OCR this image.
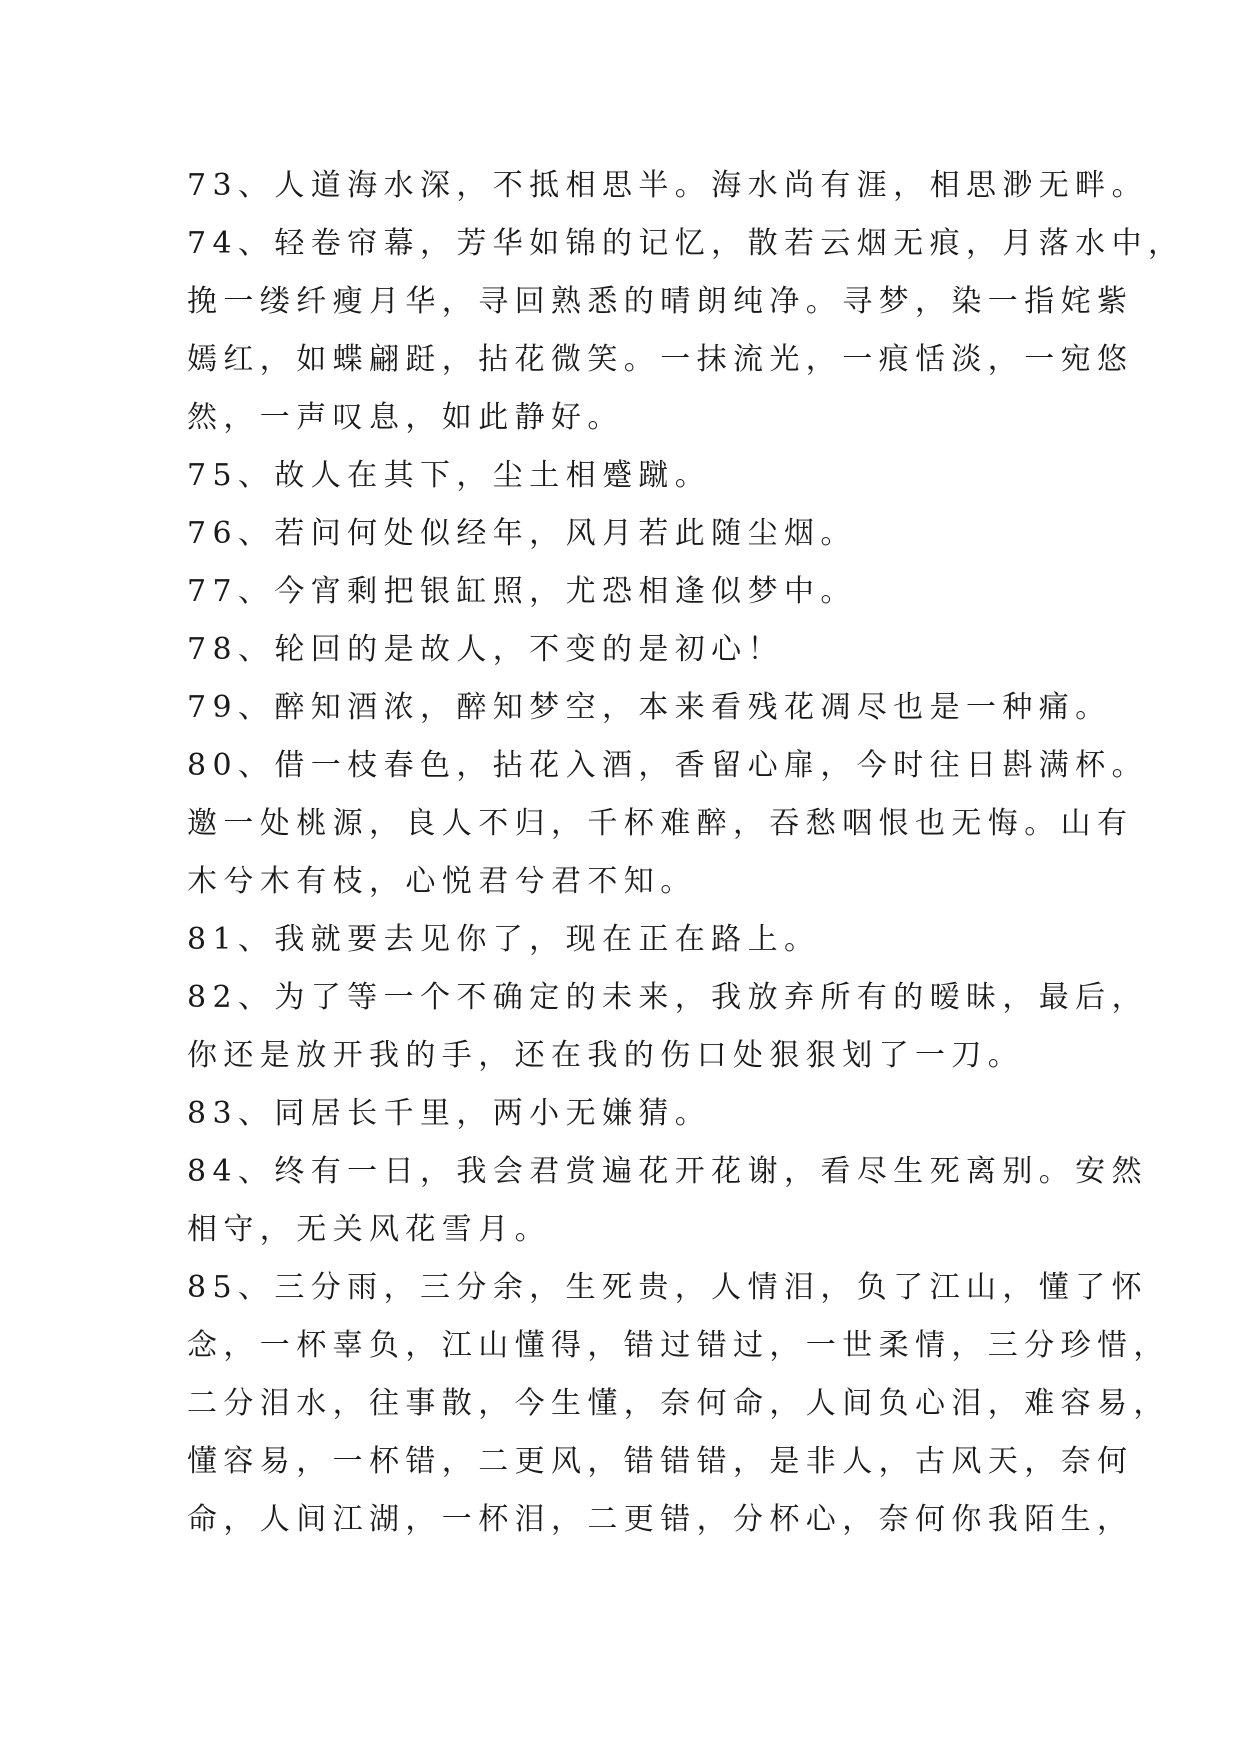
73、人道海水深，不抵相思半。海水尚有涯，相思渺无畔。
74、轻卷帘幕，芳华如锦的记忆，散若云烟无痕，月落水中，
挽一缕纤瘦月华，寻回熟悉的晴朗纯净。寻梦，染一指姹紫
嫣红，如蝶翩跹，拈花微笑。一抹流光，一痕恬淡，一宛悠
然，一声叹息，如此静好。
75、故人在其下，尘土相蹙蹴。
76、若问何处似经年，风月若此随尘烟。
77、今宵剩把银缸照，尤恐相逢似梦中。
78、轮回的是故人，不变的是初心！
79、醉知酒浓，醉知梦空，本来看残花凋尽也是一种痛。
80、借一枝春色，拈花入酒，香留心扉，今时往日斟满杯。
邀一处桃源，良人不归，千杯难醉，吞愁咽恨也无悔。山有
木兮木有枝，心悦君兮君不知。
81、我就要去见你了，现在正在路上。
82、为了等一个不确定的未来，我放弃所有的暧昧，最后，
你还是放开我的手，还在我的伤口处狠狠划了一刀。
83、同居长千里，两小无嫌猜。
84、终有一日，我会君赏遍花开花谢，看尽生死离别。安然
相守，无关风花雪月。
85、三分雨，三分余，生死贵，人情泪，负了江山，懂了怀
念，一杯辜负，江山懂得，错过错过，一世柔情，三分珍惜，
二分泪水，往事散，今生懂，奈何命，人间负心泪，难容易，
懂容易，一杯错，二更风，错错错，是非人，古风天，奈何
命，人间江湖，一杯泪，二更错，分杯心，奈何你我陌生，
